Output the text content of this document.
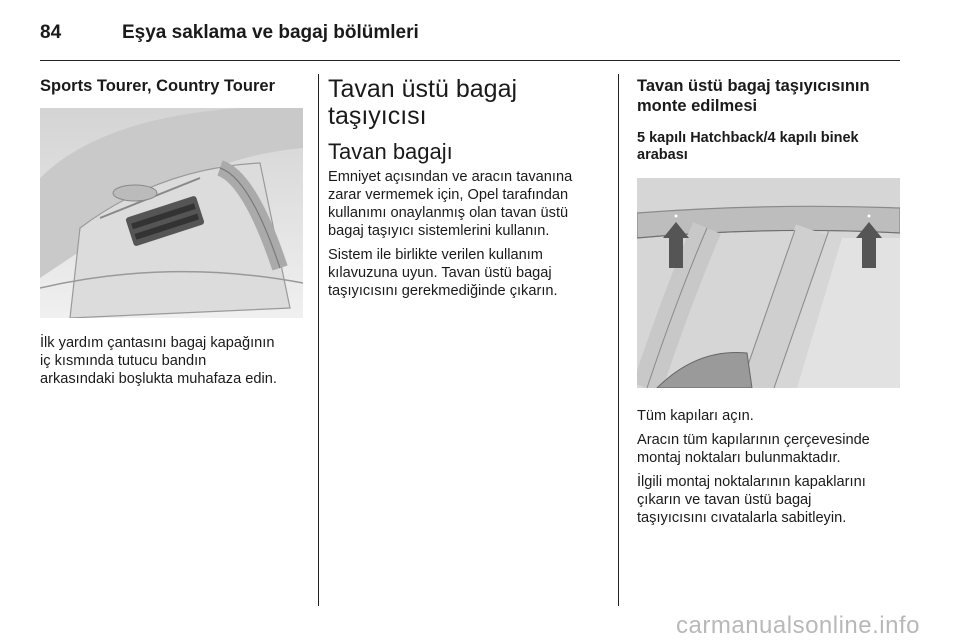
84	Eşya saklama ve bagaj bölümleri
Sports Tourer, Country Tourer

İlk yardım çantasını bagaj kapağının
iç kısmında tutucu bandın
arkasındaki boşlukta muhafaza edin.

Tavan üstü bagaj
taşıyıcısı
Tavan bagajı

Emniyet açısından ve aracın tavanına
zarar vermemek için, Opel tarafından
kullanımı onaylanmış olan tavan üstü
bagaj taşıyıcı sistemlerini kullanın.

Sistem ile birlikte verilen kullanım
kılavuzuna uyun. Tavan üstü bagaj
taşıyıcısını gerekmediğinde çıkarın.

Tavan üstü bagaj taşıyıcısının
monte edilmesi
5 kapılı Hatchback/4 kapılı binek
arabası

Tüm kapıları açın.

Aracın tüm kapılarının çerçevesinde
montaj noktaları bulunmaktadır.

İlgili montaj noktalarının kapaklarını
çıkarın ve tavan üstü bagaj
taşıyıcısını cıvatalarla sabitleyin.

carmanualsonline.info
